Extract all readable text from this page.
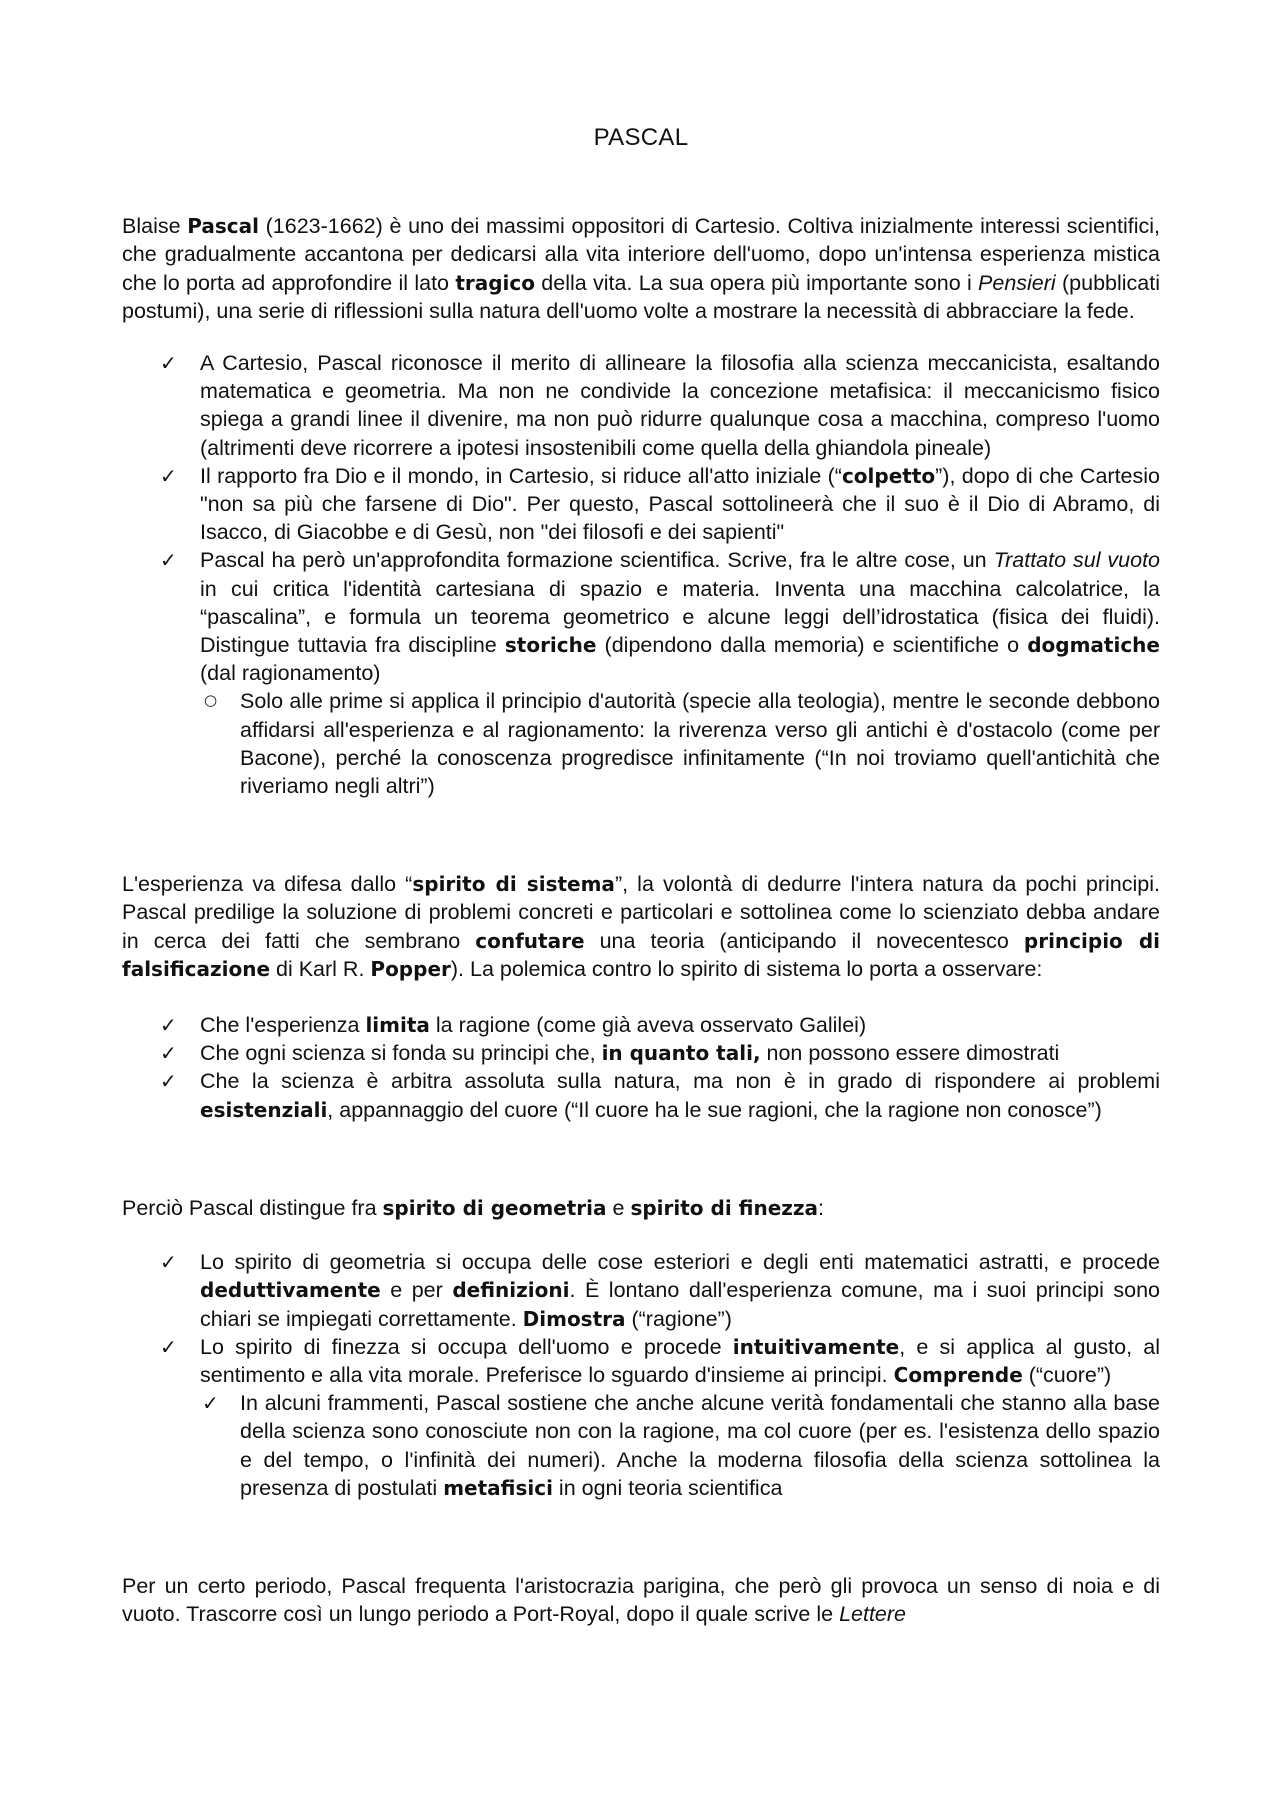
PASCAL

Blaise Pascal (1623-1662) è uno dei massimi oppositori di Cartesio. Coltiva inizialmente interessi scientifici, che gradualmente accantona per dedicarsi alla vita interiore dell'uomo, dopo un'intensa esperienza mistica che lo porta ad approfondire il lato tragico della vita. La sua opera più importante sono i Pensieri (pubblicati postumi), una serie di riflessioni sulla natura dell'uomo volte a mostrare la necessità di abbracciare la fede.

✓ A Cartesio, Pascal riconosce il merito di allineare la filosofia alla scienza meccanicista, esaltando matematica e geometria. Ma non ne condivide la concezione metafisica: il meccanicismo fisico spiega a grandi linee il divenire, ma non può ridurre qualunque cosa a macchina, compreso l'uomo (altrimenti deve ricorrere a ipotesi insostenibili come quella della ghiandola pineale)
✓ Il rapporto fra Dio e il mondo, in Cartesio, si riduce all'atto iniziale (“colpetto”), dopo di che Cartesio "non sa più che farsene di Dio". Per questo, Pascal sottolineerà che il suo è il Dio di Abramo, di Isacco, di Giacobbe e di Gesù, non "dei filosofi e dei sapienti"
✓ Pascal ha però un'approfondita formazione scientifica. Scrive, fra le altre cose, un Trattato sul vuoto in cui critica l'identità cartesiana di spazio e materia. Inventa una macchina calcolatrice, la “pascalina”, e formula un teorema geometrico e alcune leggi dell’idrostatica (fisica dei fluidi). Distingue tuttavia fra discipline storiche (dipendono dalla memoria) e scientifiche o dogmatiche (dal ragionamento)
○ Solo alle prime si applica il principio d'autorità (specie alla teologia), mentre le seconde debbono affidarsi all'esperienza e al ragionamento: la riverenza verso gli antichi è d'ostacolo (come per Bacone), perché la conoscenza progredisce infinitamente (“In noi troviamo quell'antichità che riveriamo negli altri”)

L'esperienza va difesa dallo “spirito di sistema”, la volontà di dedurre l'intera natura da pochi principi. Pascal predilige la soluzione di problemi concreti e particolari e sottolinea come lo scienziato debba andare in cerca dei fatti che sembrano confutare una teoria (anticipando il novecentesco principio di falsificazione di Karl R. Popper). La polemica contro lo spirito di sistema lo porta a osservare:

✓ Che l'esperienza limita la ragione (come già aveva osservato Galilei)
✓ Che ogni scienza si fonda su principi che, in quanto tali, non possono essere dimostrati
✓ Che la scienza è arbitra assoluta sulla natura, ma non è in grado di rispondere ai problemi esistenziali, appannaggio del cuore (“Il cuore ha le sue ragioni, che la ragione non conosce”)

Perciò Pascal distingue fra spirito di geometria e spirito di finezza:

✓ Lo spirito di geometria si occupa delle cose esteriori e degli enti matematici astratti, e procede deduttivamente e per definizioni. È lontano dall'esperienza comune, ma i suoi principi sono chiari se impiegati correttamente. Dimostra (“ragione”)
✓ Lo spirito di finezza si occupa dell'uomo e procede intuitivamente, e si applica al gusto, al sentimento e alla vita morale. Preferisce lo sguardo d'insieme ai principi. Comprende (“cuore”)
✓ In alcuni frammenti, Pascal sostiene che anche alcune verità fondamentali che stanno alla base della scienza sono conosciute non con la ragione, ma col cuore (per es. l'esistenza dello spazio e del tempo, o l'infinità dei numeri). Anche la moderna filosofia della scienza sottolinea la presenza di postulati metafisici in ogni teoria scientifica

Per un certo periodo, Pascal frequenta l'aristocrazia parigina, che però gli provoca un senso di noia e di vuoto. Trascorre così un lungo periodo a Port-Royal, dopo il quale scrive le Lettere
